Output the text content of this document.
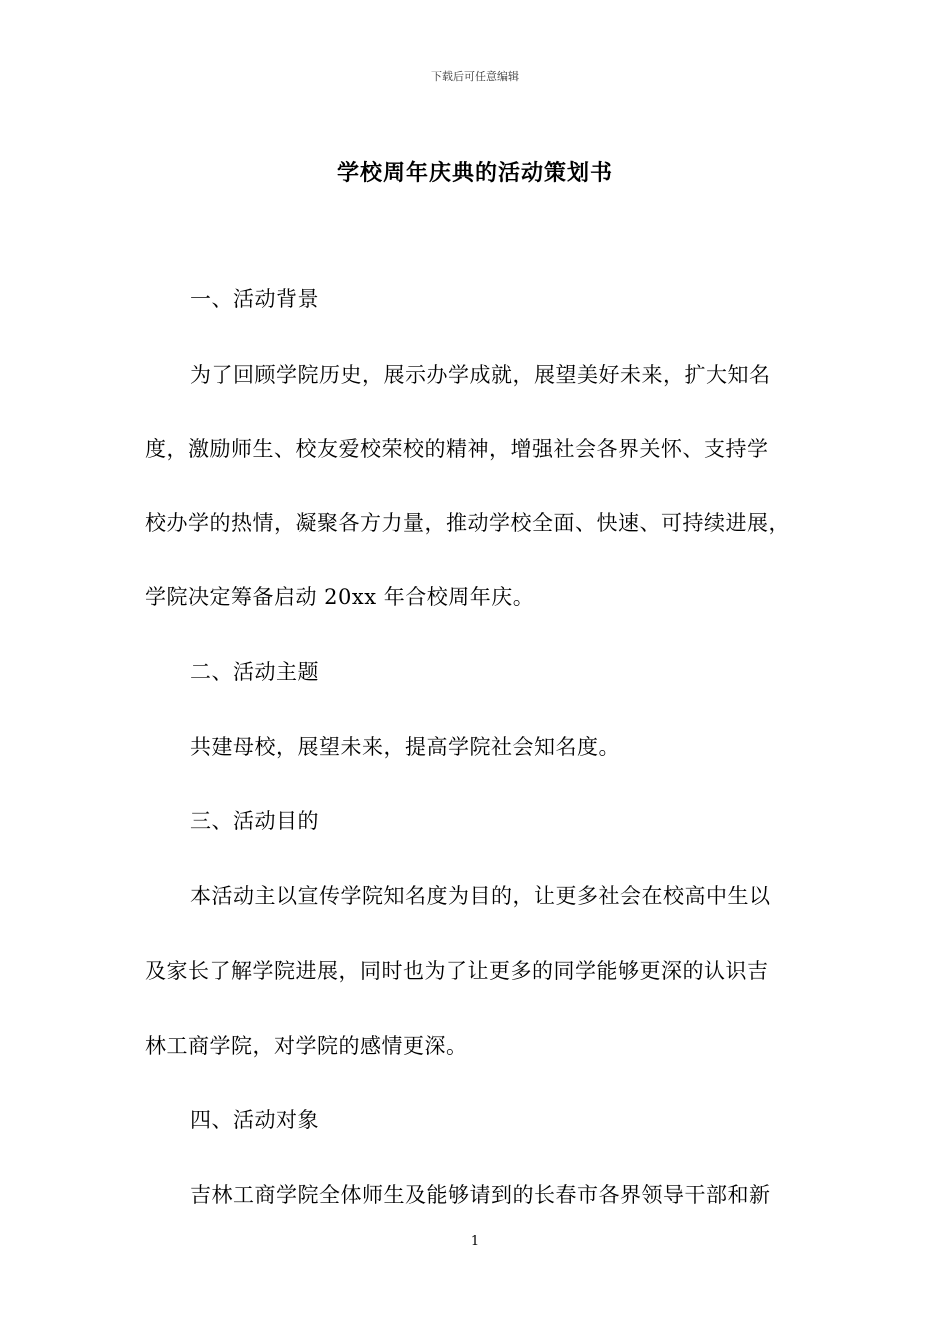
下载后可任意编辑
学校周年庆典的活动策划书
一、活动背景
为了回顾学院历史，展示办学成就，展望美好未来，扩大知名
度，激励师生、校友爱校荣校的精神，增强社会各界关怀、支持学
校办学的热情，凝聚各方力量，推动学校全面、快速、可持续进展，
学院决定筹备启动 20xx 年合校周年庆。
二、活动主题
共建母校，展望未来，提高学院社会知名度。
三、活动目的
本活动主以宣传学院知名度为目的，让更多社会在校高中生以
及家长了解学院进展，同时也为了让更多的同学能够更深的认识吉
林工商学院，对学院的感情更深。
四、活动对象
吉林工商学院全体师生及能够请到的长春市各界领导干部和新
1
